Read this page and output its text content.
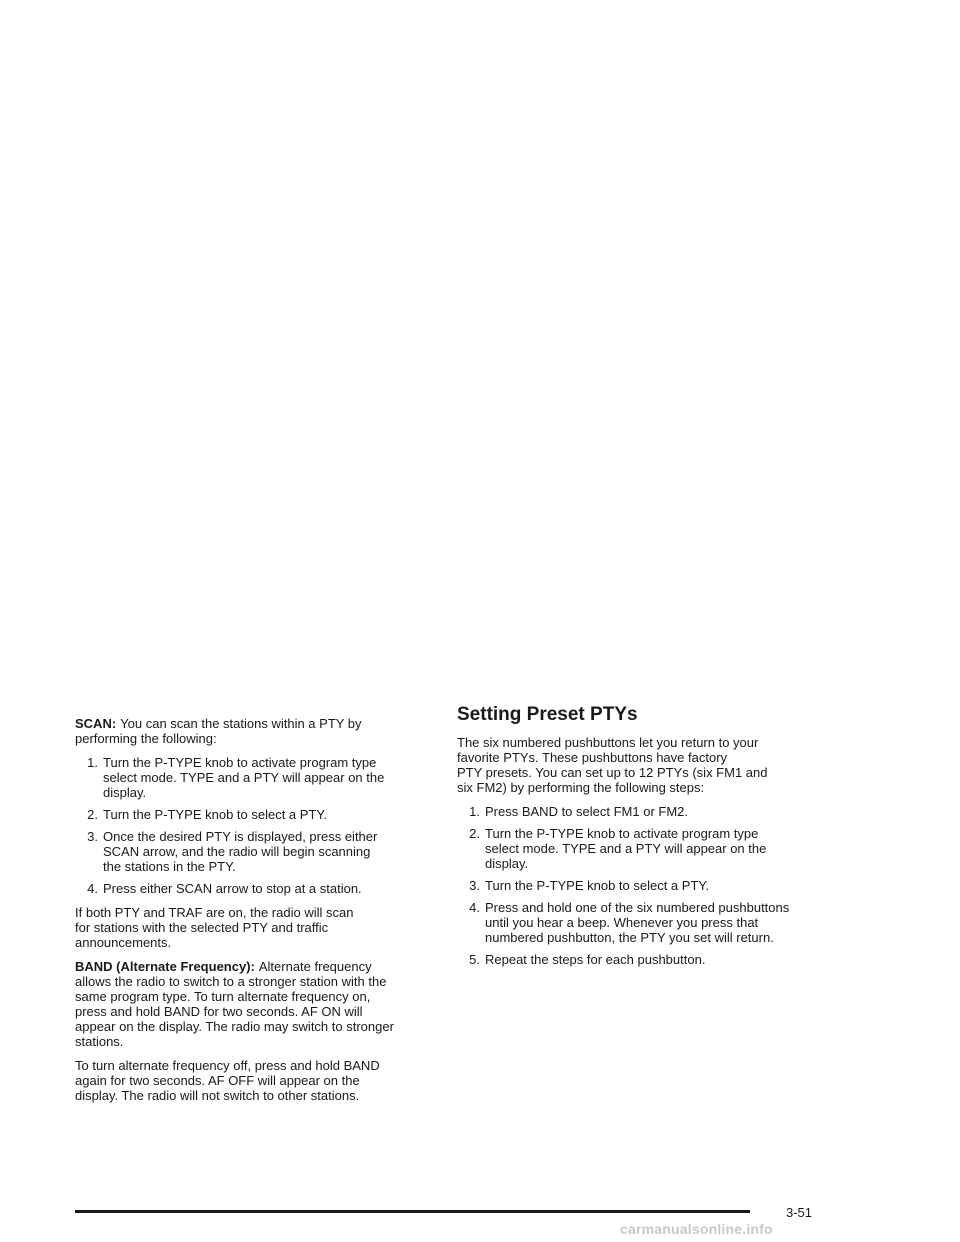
SCAN: You can scan the stations within a PTY by
performing the following:

1. Turn the P-TYPE knob to activate program type
select mode. TYPE and a PTY will appear on the
display.
2. Turn the P-TYPE knob to select a PTY.
3. Once the desired PTY is displayed, press either
SCAN arrow, and the radio will begin scanning
the stations in the PTY.
4. Press either SCAN arrow to stop at a station.

If both PTY and TRAF are on, the radio will scan
for stations with the selected PTY and traffic
announcements.

BAND (Alternate Frequency): Alternate frequency
allows the radio to switch to a stronger station with the
same program type. To turn alternate frequency on,
press and hold BAND for two seconds. AF ON will
appear on the display. The radio may switch to stronger
stations.

To turn alternate frequency off, press and hold BAND
again for two seconds. AF OFF will appear on the
display. The radio will not switch to other stations.

Setting Preset PTYs

The six numbered pushbuttons let you return to your
favorite PTYs. These pushbuttons have factory
PTY presets. You can set up to 12 PTYs (six FM1 and
six FM2) by performing the following steps:

1. Press BAND to select FM1 or FM2.
2. Turn the P-TYPE knob to activate program type
select mode. TYPE and a PTY will appear on the
display.
3. Turn the P-TYPE knob to select a PTY.
4. Press and hold one of the six numbered pushbuttons
until you hear a beep. Whenever you press that
numbered pushbutton, the PTY you set will return.
5. Repeat the steps for each pushbutton.
3-51
carmanualsonline.info
